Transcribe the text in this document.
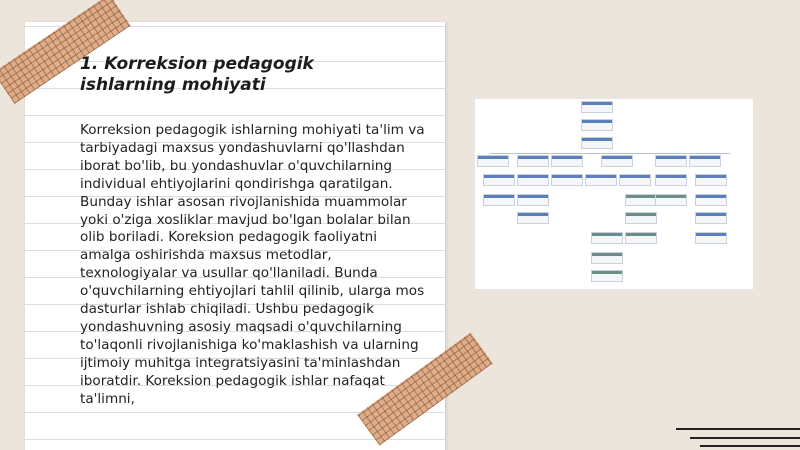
1. Korreksion pedagogik ishlarning mohiyati

Korreksion pedagogik ishlarning mohiyati ta'lim va tarbiyadagi maxsus yondashuvlarni qo'llashdan iborat bo'lib, bu yondashuvlar o'quvchilarning individual ehtiyojlarini qondirishga qaratilgan. Bunday ishlar asosan rivojlanishida muammolar yoki o'ziga xosliklar mavjud bo'lgan bolalar bilan olib boriladi. Koreksion pedagogik faoliyatni amalga oshirishda maxsus metodlar, texnologiyalar va usullar qo'llaniladi. Bunda o'quvchilarning ehtiyojlari tahlil qilinib, ularga mos dasturlar ishlab chiqiladi. Ushbu pedagogik yondashuvning asosiy maqsadi o'quvchilarning to'laqonli rivojlanishiga ko'maklashish va ularning ijtimoiy muhitga integratsiyasini ta'minlashdan iboratdir. Koreksion pedagogik ishlar nafaqat ta'limni,
